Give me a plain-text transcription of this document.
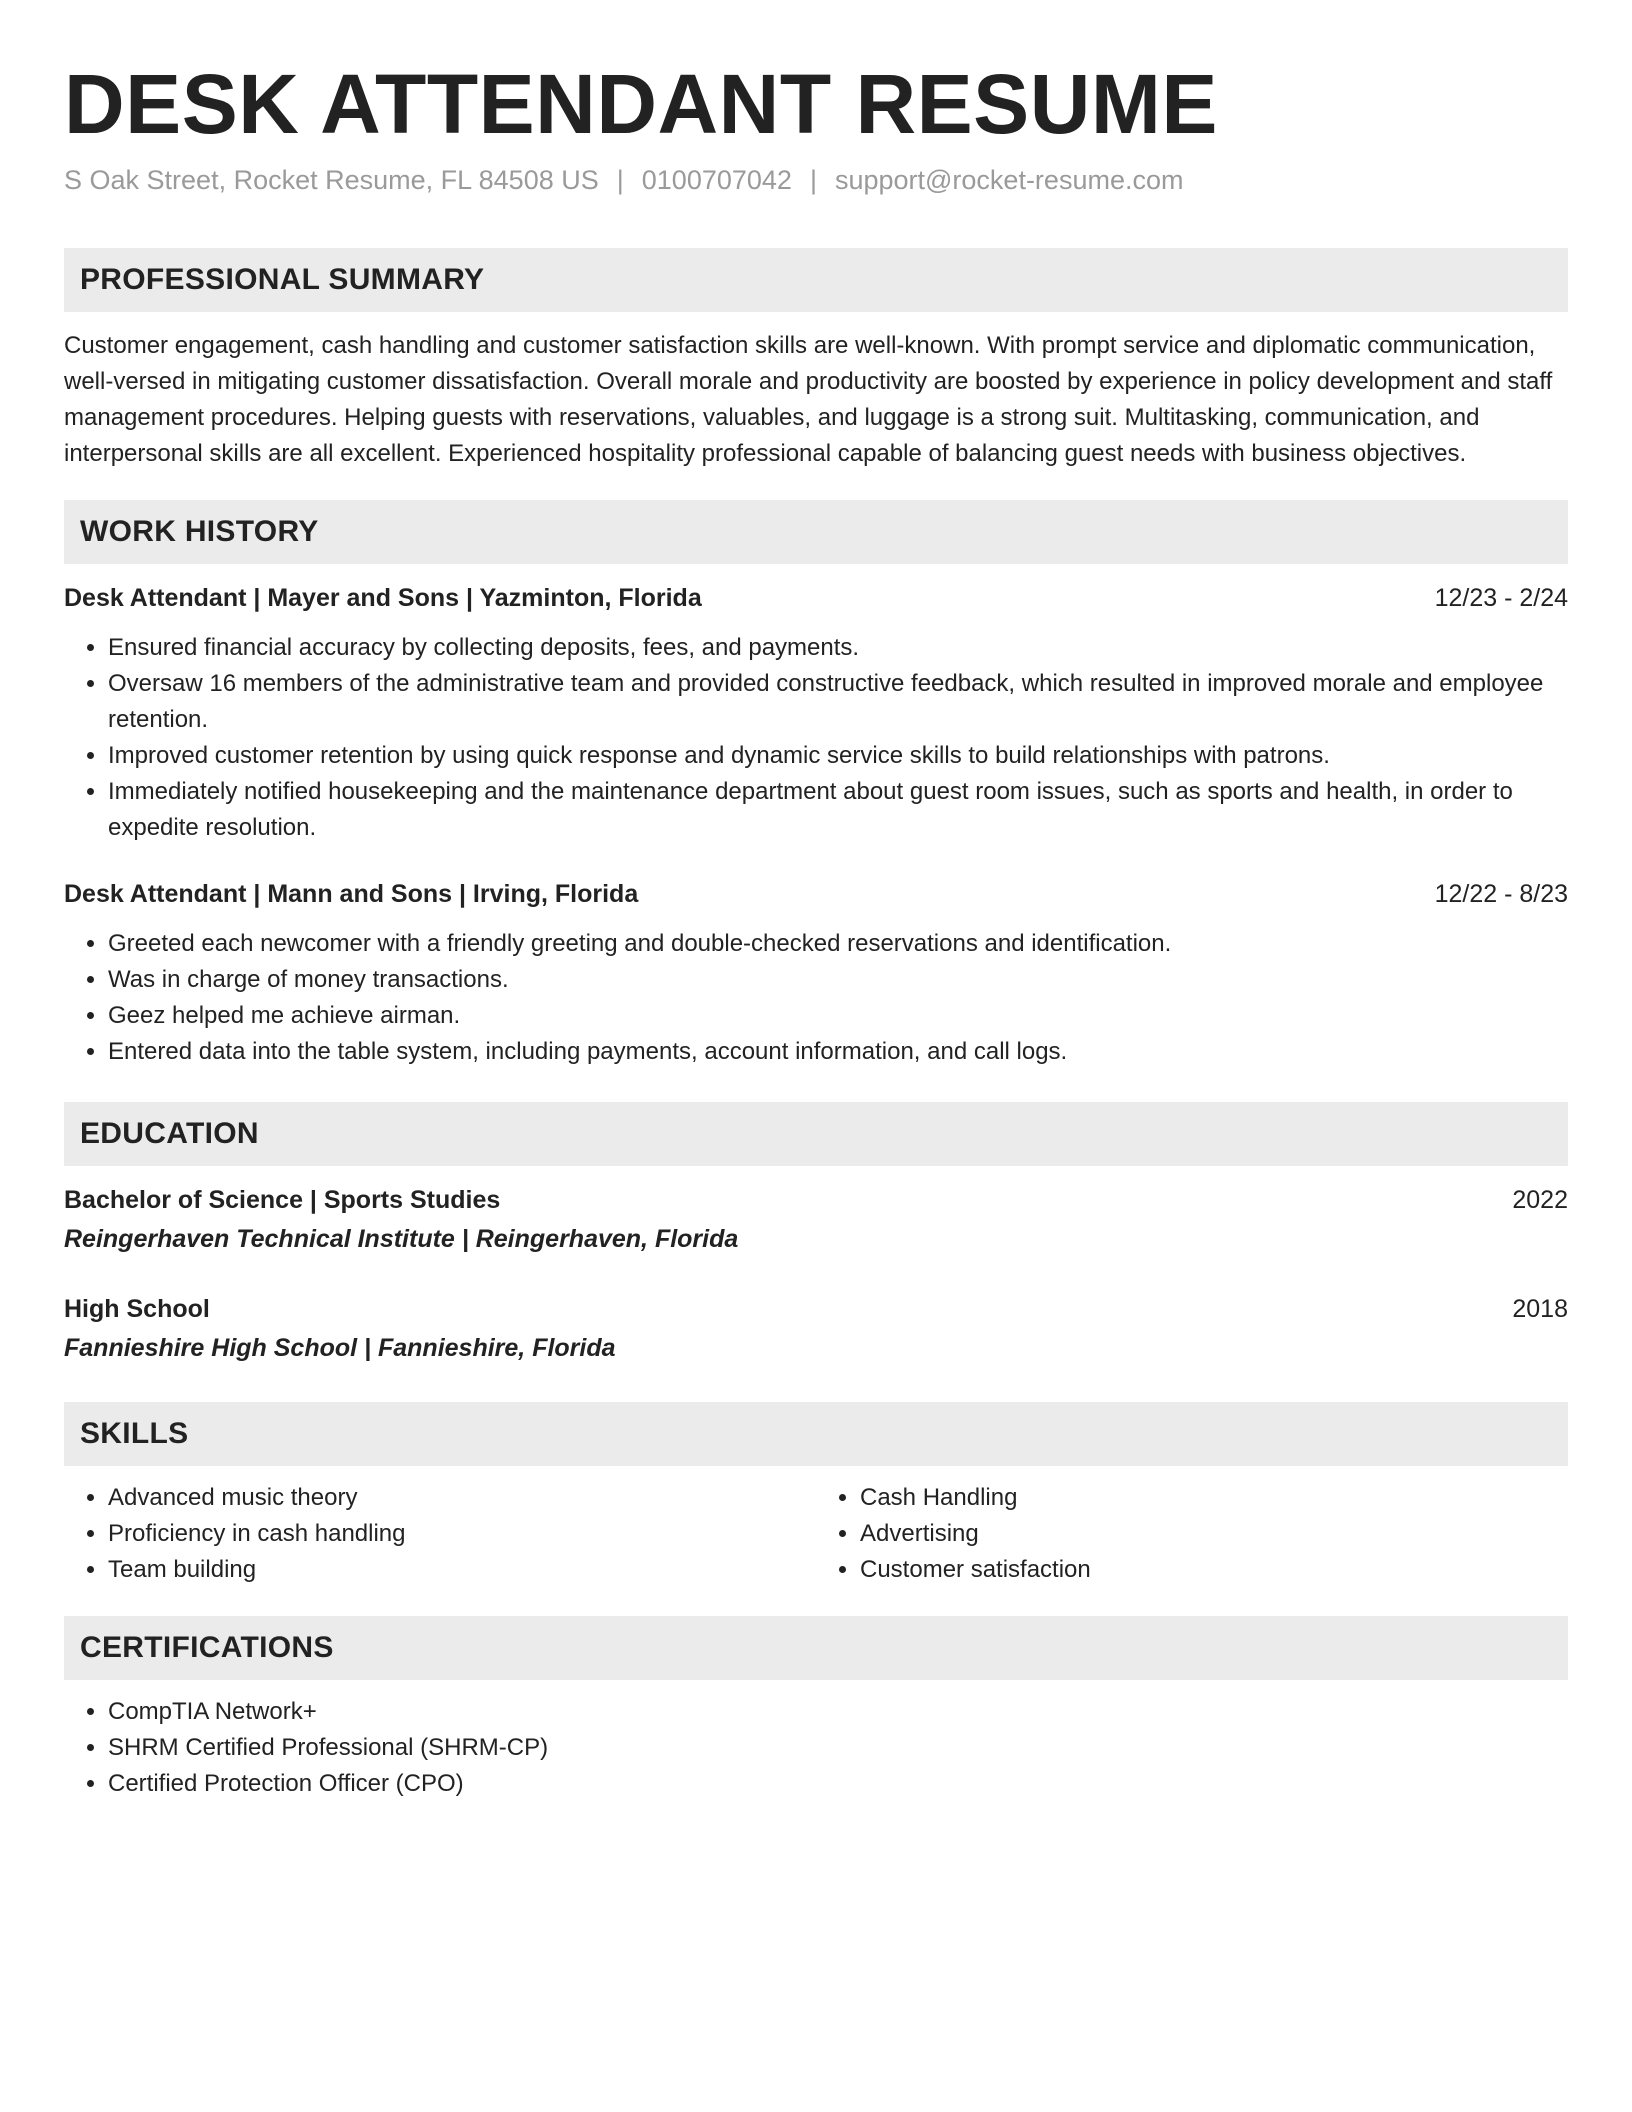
DESK ATTENDANT RESUME
S Oak Street, Rocket Resume, FL 84508 US | 0100707042 | support@rocket-resume.com
PROFESSIONAL SUMMARY

Customer engagement, cash handling and customer satisfaction skills are well-known. With prompt service and diplomatic communication, well-versed in mitigating customer dissatisfaction. Overall morale and productivity are boosted by experience in policy development and staff management procedures. Helping guests with reservations, valuables, and luggage is a strong suit. Multitasking, communication, and interpersonal skills are all excellent. Experienced hospitality professional capable of balancing guest needs with business objectives.

WORK HISTORY
Desk Attendant | Mayer and Sons | Yazminton, Florida	12/23 - 2/24
• Ensured financial accuracy by collecting deposits, fees, and payments.
• Oversaw 16 members of the administrative team and provided constructive feedback, which resulted in improved morale and employee retention.
• Improved customer retention by using quick response and dynamic service skills to build relationships with patrons.
• Immediately notified housekeeping and the maintenance department about guest room issues, such as sports and health, in order to expedite resolution.
Desk Attendant | Mann and Sons | Irving, Florida	12/22 - 8/23
• Greeted each newcomer with a friendly greeting and double-checked reservations and identification.
• Was in charge of money transactions.
• Geez helped me achieve airman.
• Entered data into the table system, including payments, account information, and call logs.
EDUCATION
Bachelor of Science | Sports Studies	2022
Reingerhaven Technical Institute | Reingerhaven, Florida
High School	2018
Fannieshire High School | Fannieshire, Florida
SKILLS
• Advanced music theory
• Proficiency in cash handling
• Team building
• Cash Handling
• Advertising
• Customer satisfaction
CERTIFICATIONS
• CompTIA Network+
• SHRM Certified Professional (SHRM-CP)
• Certified Protection Officer (CPO)
